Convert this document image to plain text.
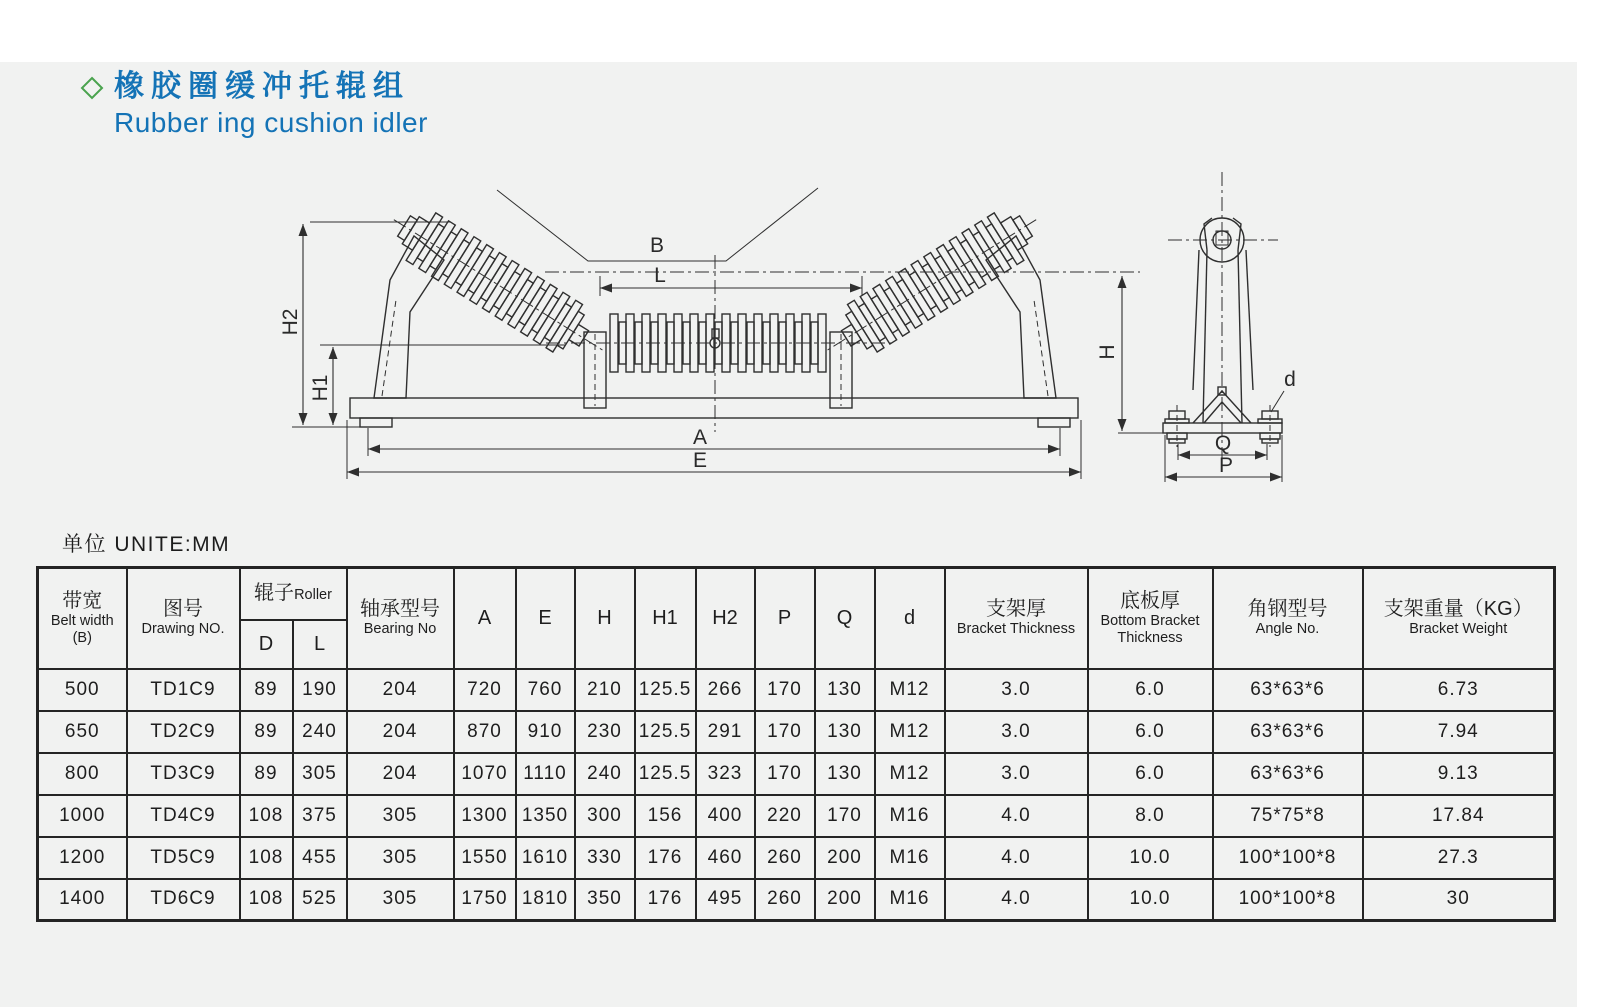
橡胶圈缓冲托辊组
Rubber ing cushion idler
B
L
H2
H1
A
E
H
d
Q
P
单位 UNITE:MM
带宽
Belt width
(B)	图号
Drawing NO.	辊子Roller		轴承型号
Bearing No	A	E	H	H1	H2	P	Q	d	支架厚
Bracket Thickness	底板厚
Bottom Bracket
Thickness	角钢型号
Angle No.	支架重量（KG）
Bracket Weight

		D	L													
500	TD1C9	89	190	204	720	760	210	125.5	266	170	130	M12	3.0	6.0	63*63*6	6.73
650	TD2C9	89	240	204	870	910	230	125.5	291	170	130	M12	3.0	6.0	63*63*6	7.94
800	TD3C9	89	305	204	1070	1110	240	125.5	323	170	130	M12	3.0	6.0	63*63*6	9.13
1000	TD4C9	108	375	305	1300	1350	300	156	400	220	170	M16	4.0	8.0	75*75*8	17.84
1200	TD5C9	108	455	305	1550	1610	330	176	460	260	200	M16	4.0	10.0	100*100*8	27.3
1400	TD6C9	108	525	305	1750	1810	350	176	495	260	200	M16	4.0	10.0	100*100*8	30
